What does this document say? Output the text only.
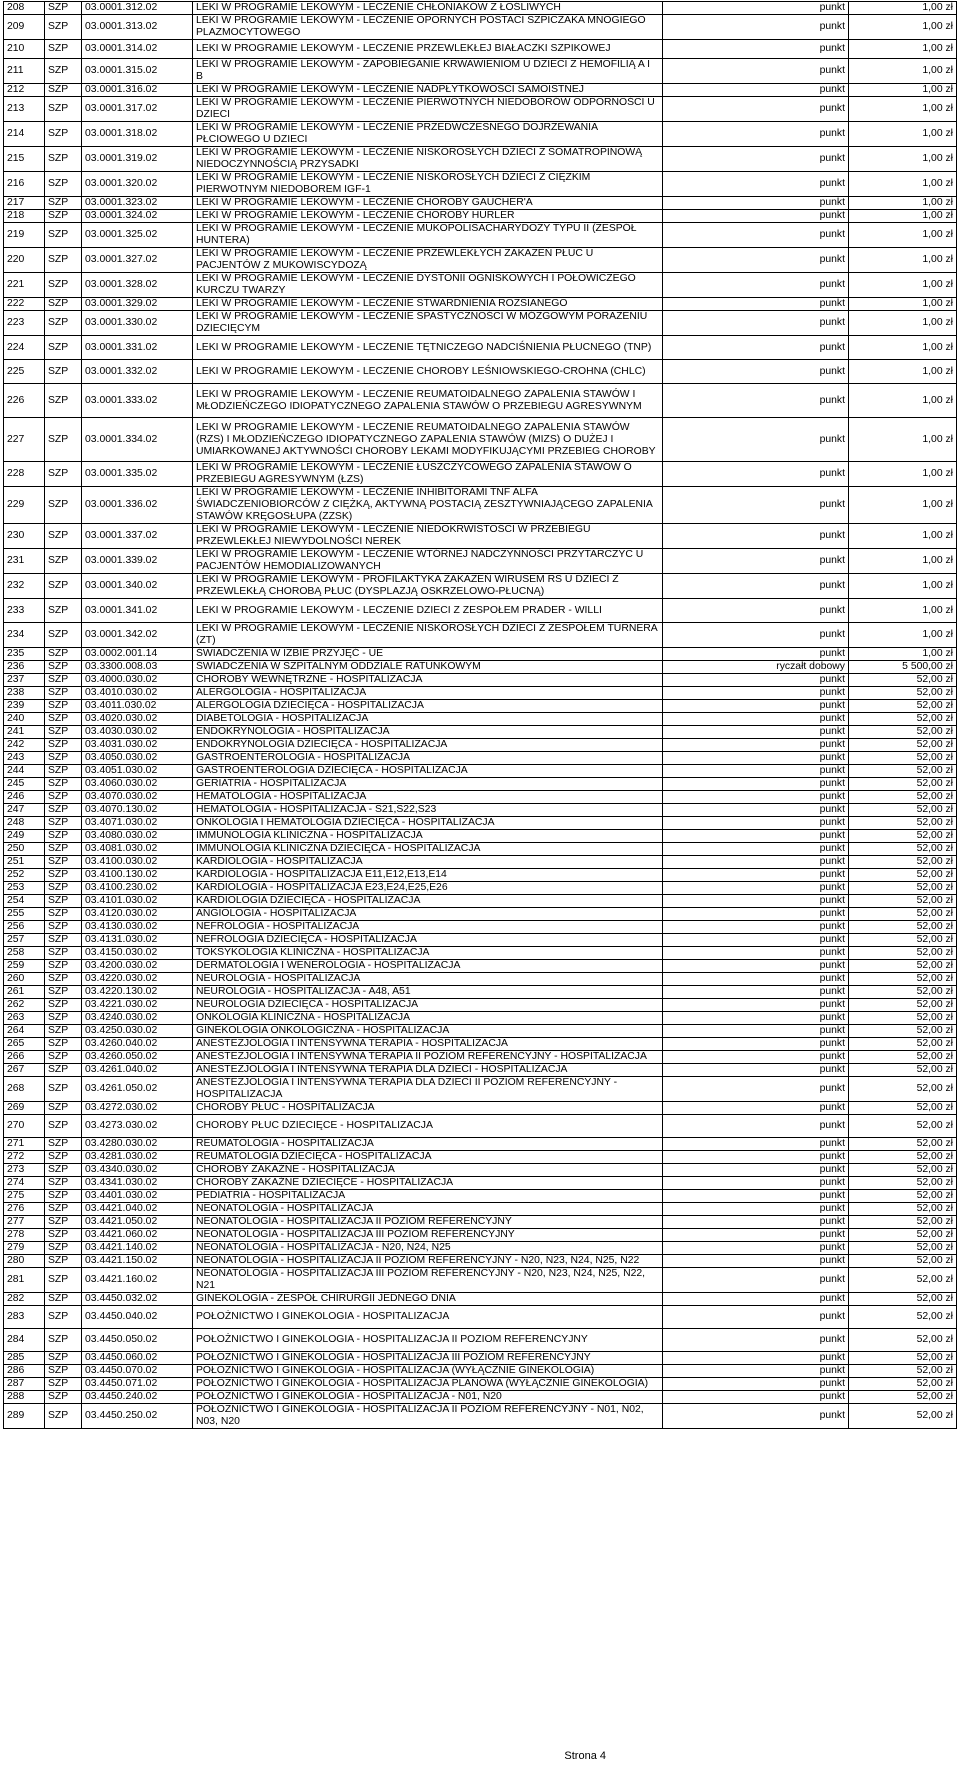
208	SZP	03.0001.312.02	LEKI W PROGRAMIE LEKOWYM - LECZENIE CHŁONIAKÓW Z ŁOŚLIWYCH	punkt	1,00 zł
209	SZP	03.0001.313.02	LEKI W PROGRAMIE LEKOWYM - LECZENIE OPORNYCH POSTACI SZPICZAKA MNOGIEGO PLAZMOCYTOWEGO	punkt	1,00 zł
210	SZP	03.0001.314.02	LEKI W PROGRAMIE LEKOWYM - LECZENIE PRZEWLEKŁEJ BIAŁACZKI SZPIKOWEJ	punkt	1,00 zł
211	SZP	03.0001.315.02	LEKI W PROGRAMIE LEKOWYM - ZAPOBIEGANIE KRWAWIENIOM U DZIECI Z HEMOFILIĄ A I B	punkt	1,00 zł
212	SZP	03.0001.316.02	LEKI W PROGRAMIE LEKOWYM - LECZENIE NADPŁYTKOWOŚCI SAMOISTNEJ	punkt	1,00 zł
213	SZP	03.0001.317.02	LEKI W PROGRAMIE LEKOWYM - LECZENIE PIERWOTNYCH NIEDOBORÓW ODPORNOŚCI U DZIECI	punkt	1,00 zł
214	SZP	03.0001.318.02	LEKI W PROGRAMIE LEKOWYM - LECZENIE PRZEDWCZESNEGO DOJRZEWANIA PŁCIOWEGO U DZIECI	punkt	1,00 zł
215	SZP	03.0001.319.02	LEKI W PROGRAMIE LEKOWYM - LECZENIE NISKOROSŁYCH DZIECI Z SOMATROPINOWĄ NIEDOCZYNNOŚCIĄ PRZYSADKI	punkt	1,00 zł
216	SZP	03.0001.320.02	LEKI W PROGRAMIE LEKOWYM - LECZENIE NISKOROSŁYCH DZIECI Z CIĘŻKIM PIERWOTNYM NIEDOBOREM IGF-1	punkt	1,00 zł
217	SZP	03.0001.323.02	LEKI W PROGRAMIE LEKOWYM - LECZENIE CHOROBY GAUCHER'A	punkt	1,00 zł
218	SZP	03.0001.324.02	LEKI W PROGRAMIE LEKOWYM - LECZENIE CHOROBY HURLER	punkt	1,00 zł
219	SZP	03.0001.325.02	LEKI W PROGRAMIE LEKOWYM - LECZENIE MUKOPOLISACHARYDOZY TYPU II (ZESPÓŁ HUNTERA)	punkt	1,00 zł
220	SZP	03.0001.327.02	LEKI W PROGRAMIE LEKOWYM - LECZENIE PRZEWLEKŁYCH ZAKAŻEŃ PŁUC U PACJENTÓW Z MUKOWISCYDOZĄ	punkt	1,00 zł
221	SZP	03.0001.328.02	LEKI W PROGRAMIE LEKOWYM - LECZENIE DYSTONII OGNISKOWYCH I POŁOWICZEGO KURCZU TWARZY	punkt	1,00 zł
222	SZP	03.0001.329.02	LEKI W PROGRAMIE LEKOWYM - LECZENIE STWARDNIENIA ROZSIANEGO	punkt	1,00 zł
223	SZP	03.0001.330.02	LEKI W PROGRAMIE LEKOWYM - LECZENIE SPASTYCZNOŚCI W MÓZGOWYM PORAŻENIU DZIECIĘCYM	punkt	1,00 zł
224	SZP	03.0001.331.02	LEKI W PROGRAMIE LEKOWYM - LECZENIE TĘTNICZEGO NADCIŚNIENIA PŁUCNEGO (TNP)	punkt	1,00 zł
225	SZP	03.0001.332.02	LEKI W PROGRAMIE LEKOWYM - LECZENIE CHOROBY LEŚNIOWSKIEGO-CROHNA (CHLC)	punkt	1,00 zł
226	SZP	03.0001.333.02	LEKI W PROGRAMIE LEKOWYM - LECZENIE REUMATOIDALNEGO ZAPALENIA STAWÓW I MŁODZIEŃCZEGO IDIOPATYCZNEGO ZAPALENIA STAWÓW O PRZEBIEGU AGRESYWNYM	punkt	1,00 zł
227	SZP	03.0001.334.02	LEKI W PROGRAMIE LEKOWYM - LECZENIE REUMATOIDALNEGO ZAPALENIA STAWÓW (RZS) I MŁODZIEŃCZEGO IDIOPATYCZNEGO ZAPALENIA STAWÓW (MIZS) O DUŻEJ I UMIARKOWANEJ AKTYWNOŚCI CHOROBY LEKAMI MODYFIKUJĄCYMI PRZEBIEG CHOROBY	punkt	1,00 zł
228	SZP	03.0001.335.02	LEKI W PROGRAMIE LEKOWYM - LECZENIE ŁUSZCZYCOWEGO ZAPALENIA STAWÓW O PRZEBIEGU AGRESYWNYM (ŁZS)	punkt	1,00 zł
229	SZP	03.0001.336.02	LEKI W PROGRAMIE LEKOWYM - LECZENIE INHIBITORAMI TNF ALFA ŚWIADCZENIOBIORCÓW Z CIĘŻKĄ, AKTYWNĄ POSTACIĄ ZESZTYWNIAJĄCEGO ZAPALENIA STAWÓW KRĘGOSŁUPA (ZZSK)	punkt	1,00 zł
230	SZP	03.0001.337.02	LEKI W PROGRAMIE LEKOWYM - LECZENIE NIEDOKRWISTOŚCI W PRZEBIEGU PRZEWLEKŁEJ NIEWYDOLNOŚCI NEREK	punkt	1,00 zł
231	SZP	03.0001.339.02	LEKI W PROGRAMIE LEKOWYM - LECZENIE WTÓRNEJ NADCZYNNOŚCI PRZYTARCZYC U PACJENTÓW HEMODIALIZOWANYCH	punkt	1,00 zł
232	SZP	03.0001.340.02	LEKI W PROGRAMIE LEKOWYM - PROFILAKTYKA ZAKAŻEŃ WIRUSEM RS U DZIECI Z PRZEWLEKŁĄ CHOROBĄ PŁUC (DYSPLAZJĄ OSKRZELOWO-PŁUCNĄ)	punkt	1,00 zł
233	SZP	03.0001.341.02	LEKI W PROGRAMIE LEKOWYM - LECZENIE DZIECI Z ZESPOŁEM PRADER - WILLI	punkt	1,00 zł
234	SZP	03.0001.342.02	LEKI W PROGRAMIE LEKOWYM - LECZENIE NISKOROSŁYCH DZIECI Z ZESPOŁEM TURNERA (ZT)	punkt	1,00 zł
235	SZP	03.0002.001.14	ŚWIADCZENIA W IZBIE PRZYJĘĆ - UE	punkt	1,00 zł
236	SZP	03.3300.008.03	ŚWIADCZENIA W SZPITALNYM ODDZIALE RATUNKOWYM	ryczałt dobowy	5 500,00 zł
237	SZP	03.4000.030.02	CHOROBY WEWNĘTRZNE - HOSPITALIZACJA	punkt	52,00 zł
238	SZP	03.4010.030.02	ALERGOLOGIA - HOSPITALIZACJA	punkt	52,00 zł
239	SZP	03.4011.030.02	ALERGOLOGIA DZIECIĘCA - HOSPITALIZACJA	punkt	52,00 zł
240	SZP	03.4020.030.02	DIABETOLOGIA - HOSPITALIZACJA	punkt	52,00 zł
241	SZP	03.4030.030.02	ENDOKRYNOLOGIA - HOSPITALIZACJA	punkt	52,00 zł
242	SZP	03.4031.030.02	ENDOKRYNOLOGIA DZIECIĘCA - HOSPITALIZACJA	punkt	52,00 zł
243	SZP	03.4050.030.02	GASTROENTEROLOGIA - HOSPITALIZACJA	punkt	52,00 zł
244	SZP	03.4051.030.02	GASTROENTEROLOGIA DZIECIĘCA - HOSPITALIZACJA	punkt	52,00 zł
245	SZP	03.4060.030.02	GERIATRIA - HOSPITALIZACJA	punkt	52,00 zł
246	SZP	03.4070.030.02	HEMATOLOGIA - HOSPITALIZACJA	punkt	52,00 zł
247	SZP	03.4070.130.02	HEMATOLOGIA - HOSPITALIZACJA - S21,S22,S23	punkt	52,00 zł
248	SZP	03.4071.030.02	ONKOLOGIA I HEMATOLOGIA DZIECIĘCA - HOSPITALIZACJA	punkt	52,00 zł
249	SZP	03.4080.030.02	IMMUNOLOGIA KLINICZNA - HOSPITALIZACJA	punkt	52,00 zł
250	SZP	03.4081.030.02	IMMUNOLOGIA KLINICZNA DZIECIĘCA - HOSPITALIZACJA	punkt	52,00 zł
251	SZP	03.4100.030.02	KARDIOLOGIA - HOSPITALIZACJA	punkt	52,00 zł
252	SZP	03.4100.130.02	KARDIOLOGIA - HOSPITALIZACJA E11,E12,E13,E14	punkt	52,00 zł
253	SZP	03.4100.230.02	KARDIOLOGIA - HOSPITALIZACJA E23,E24,E25,E26	punkt	52,00 zł
254	SZP	03.4101.030.02	KARDIOLOGIA DZIECIĘCA - HOSPITALIZACJA	punkt	52,00 zł
255	SZP	03.4120.030.02	ANGIOLOGIA - HOSPITALIZACJA	punkt	52,00 zł
256	SZP	03.4130.030.02	NEFROLOGIA - HOSPITALIZACJA	punkt	52,00 zł
257	SZP	03.4131.030.02	NEFROLOGIA DZIECIĘCA - HOSPITALIZACJA	punkt	52,00 zł
258	SZP	03.4150.030.02	TOKSYKOLOGIA KLINICZNA - HOSPITALIZACJA	punkt	52,00 zł
259	SZP	03.4200.030.02	DERMATOLOGIA I WENEROLOGIA - HOSPITALIZACJA	punkt	52,00 zł
260	SZP	03.4220.030.02	NEUROLOGIA - HOSPITALIZACJA	punkt	52,00 zł
261	SZP	03.4220.130.02	NEUROLOGIA - HOSPITALIZACJA - A48, A51	punkt	52,00 zł
262	SZP	03.4221.030.02	NEUROLOGIA DZIECIĘCA - HOSPITALIZACJA	punkt	52,00 zł
263	SZP	03.4240.030.02	ONKOLOGIA KLINICZNA - HOSPITALIZACJA	punkt	52,00 zł
264	SZP	03.4250.030.02	GINEKOLOGIA ONKOLOGICZNA - HOSPITALIZACJA	punkt	52,00 zł
265	SZP	03.4260.040.02	ANESTEZJOLOGIA I INTENSYWNA TERAPIA - HOSPITALIZACJA	punkt	52,00 zł
266	SZP	03.4260.050.02	ANESTEZJOLOGIA I INTENSYWNA TERAPIA II POZIOM REFERENCYJNY - HOSPITALIZACJA	punkt	52,00 zł
267	SZP	03.4261.040.02	ANESTEZJOLOGIA I INTENSYWNA TERAPIA DLA DZIECI - HOSPITALIZACJA	punkt	52,00 zł
268	SZP	03.4261.050.02	ANESTEZJOLOGIA I INTENSYWNA TERAPIA DLA DZIECI II POZIOM REFERENCYJNY - HOSPITALIZACJA	punkt	52,00 zł
269	SZP	03.4272.030.02	CHOROBY PŁUC - HOSPITALIZACJA	punkt	52,00 zł
270	SZP	03.4273.030.02	CHOROBY PŁUC DZIECIĘCE - HOSPITALIZACJA	punkt	52,00 zł
271	SZP	03.4280.030.02	REUMATOLOGIA - HOSPITALIZACJA	punkt	52,00 zł
272	SZP	03.4281.030.02	REUMATOLOGIA DZIECIĘCA - HOSPITALIZACJA	punkt	52,00 zł
273	SZP	03.4340.030.02	CHOROBY ZAKAŹNE - HOSPITALIZACJA	punkt	52,00 zł
274	SZP	03.4341.030.02	CHOROBY ZAKAŹNE DZIECIĘCE - HOSPITALIZACJA	punkt	52,00 zł
275	SZP	03.4401.030.02	PEDIATRIA - HOSPITALIZACJA	punkt	52,00 zł
276	SZP	03.4421.040.02	NEONATOLOGIA - HOSPITALIZACJA	punkt	52,00 zł
277	SZP	03.4421.050.02	NEONATOLOGIA - HOSPITALIZACJA II POZIOM REFERENCYJNY	punkt	52,00 zł
278	SZP	03.4421.060.02	NEONATOLOGIA - HOSPITALIZACJA III POZIOM REFERENCYJNY	punkt	52,00 zł
279	SZP	03.4421.140.02	NEONATOLOGIA - HOSPITALIZACJA - N20, N24, N25	punkt	52,00 zł
280	SZP	03.4421.150.02	NEONATOLOGIA - HOSPITALIZACJA II POZIOM REFERENCYJNY - N20, N23, N24, N25, N22	punkt	52,00 zł
281	SZP	03.4421.160.02	NEONATOLOGIA - HOSPITALIZACJA III POZIOM REFERENCYJNY - N20, N23, N24, N25, N22, N21	punkt	52,00 zł
282	SZP	03.4450.032.02	GINEKOLOGIA - ZESPÓŁ CHIRURGII JEDNEGO DNIA	punkt	52,00 zł
283	SZP	03.4450.040.02	POŁOŻNICTWO I GINEKOLOGIA - HOSPITALIZACJA	punkt	52,00 zł
284	SZP	03.4450.050.02	POŁOŻNICTWO I GINEKOLOGIA - HOSPITALIZACJA II POZIOM REFERENCYJNY	punkt	52,00 zł
285	SZP	03.4450.060.02	POŁOŻNICTWO I GINEKOLOGIA - HOSPITALIZACJA III POZIOM REFERENCYJNY	punkt	52,00 zł
286	SZP	03.4450.070.02	POŁOŻNICTWO I GINEKOLOGIA - HOSPITALIZACJA (WYŁĄCZNIE GINEKOLOGIA)	punkt	52,00 zł
287	SZP	03.4450.071.02	POŁOŻNICTWO I GINEKOLOGIA - HOSPITALIZACJA PLANOWA (WYŁĄCZNIE GINEKOLOGIA)	punkt	52,00 zł
288	SZP	03.4450.240.02	POŁOŻNICTWO I GINEKOLOGIA - HOSPITALIZACJA - N01, N20	punkt	52,00 zł
289	SZP	03.4450.250.02	POŁOŻNICTWO I GINEKOLOGIA - HOSPITALIZACJA II POZIOM REFERENCYJNY - N01, N02, N03, N20	punkt	52,00 zł
Strona 4
